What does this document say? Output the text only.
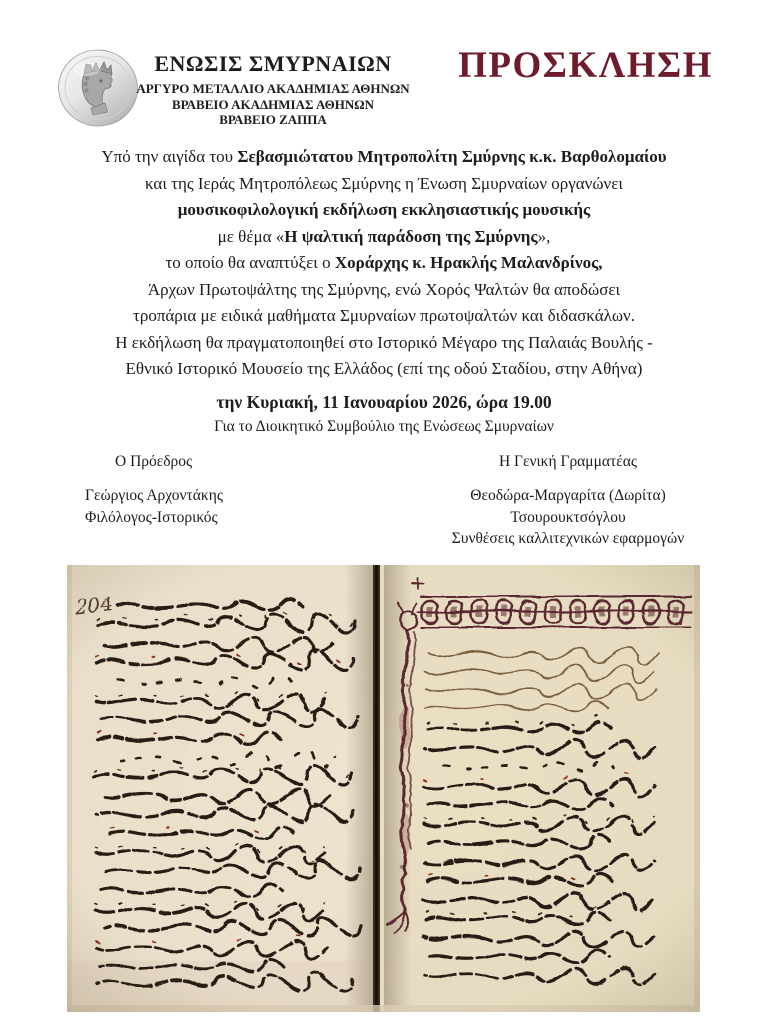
ΕΝΩΣΙΣ ΣΜΥΡΝΑΙΩΝ
ΑΡΓΥΡΟ ΜΕΤΑΛΛΙΟ ΑΚΑΔΗΜΙΑΣ ΑΘΗΝΩΝ
ΒΡΑΒΕΙΟ ΑΚΑΔΗΜΙΑΣ ΑΘΗΝΩΝ
ΒΡΑΒΕΙΟ ΖΑΠΠΑ
ΠΡΟΣΚΛΗΣΗ
Υπό την αιγίδα του Σεβασμιώτατου Μητροπολίτη Σμύρνης κ.κ. Βαρθολομαίου
και της Ιεράς Μητροπόλεως Σμύρνης η Ένωση Σμυρναίων οργανώνει
μουσικοφιλολογική εκδήλωση εκκλησιαστικής μουσικής
με θέμα «Η ψαλτική παράδοση της Σμύρνης»,
το οποίο θα αναπτύξει ο Χοράρχης κ. Ηρακλής Μαλανδρίνος,
Άρχων Πρωτοψάλτης της Σμύρνης, ενώ Χορός Ψαλτών θα αποδώσει
τροπάρια με ειδικά μαθήματα Σμυρναίων πρωτοψαλτών και διδασκάλων.
Η εκδήλωση θα πραγματοποιηθεί στο Ιστορικό Μέγαρο της Παλαιάς Βουλής -
Εθνικό Ιστορικό Μουσείο της Ελλάδος (επί της οδού Σταδίου, στην Αθήνα)
την Κυριακή, 11 Ιανουαρίου 2026, ώρα 19.00
Για το Διοικητικό Συμβούλιο της Ενώσεως Σμυρναίων
Ο Πρόεδρος
Γεώργιος Αρχοντάκης
Φιλόλογος-Ιστορικός
Η Γενική Γραμματέας
Θεοδώρα-Μαργαρίτα (Δωρίτα)
Τσουρουκτσόγλου
Συνθέσεις καλλιτεχνικών εφαρμογών
